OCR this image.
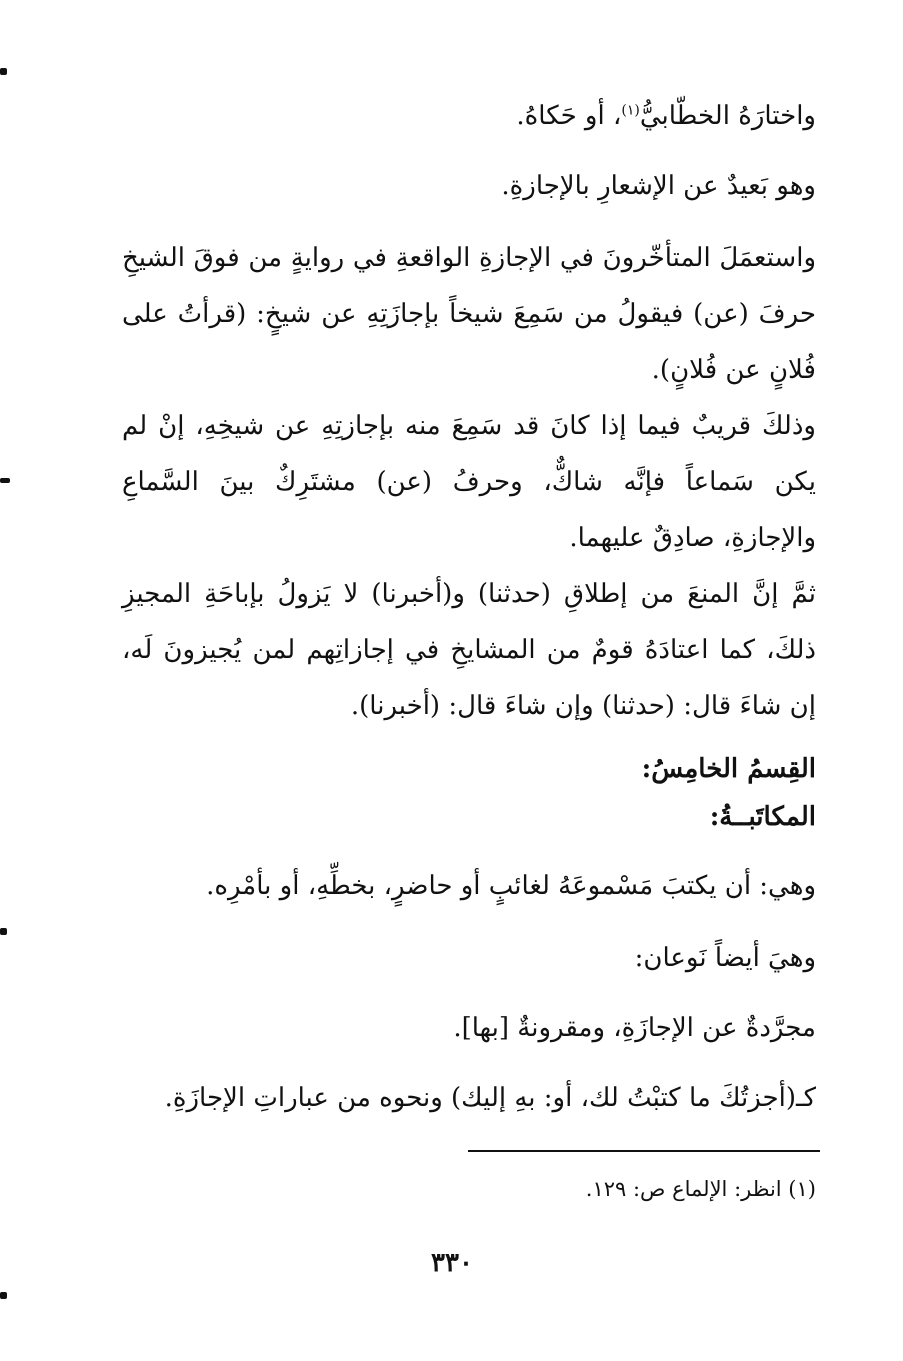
واختارَهُ الخطّابيُّ$^{(١)}$، أو حَكاهُ.
وهو بَعيدٌ عن الإشعارِ بالإجازةِ.
واستعمَلَ المتأخّرونَ في الإجازةِ الواقعةِ في روايةٍ من فوقَ الشيخِ حرفَ (عن) فيقولُ من سَمِعَ شيخاً بإجازَتِهِ عن شيخٍ: (قرأتُ على فُلانٍ عن فُلانٍ).
وذلكَ قريبٌ فيما إذا كانَ قد سَمِعَ منه بإجازتِهِ عن شيخِهِ، إنْ لم يكن سَماعاً فإنَّه شاكٌّ، وحرفُ (عن) مشتَرِكٌ بينَ السَّماعِ والإجازةِ، صادِقٌ عليهما.
ثمَّ إنَّ المنعَ من إطلاقِ (حدثنا) و(أخبرنا) لا يَزولُ بإباحَةِ المجيزِ ذلكَ، كما اعتادَهُ قومٌ من المشايخِ في إجازاتِهم لمن يُجيزونَ لَه، إن شاءَ قال: (حدثنا) وإن شاءَ قال: (أخبرنا).
القِسمُ الخامِسُ:
المكاتَبــةُ:
وهي: أن يكتبَ مَسْموعَهُ لغائبٍ أو حاضرٍ، بخطِّهِ، أو بأمْرِه.
وهيَ أيضاً نَوعان:
مجرَّدةٌ عن الإجازَةِ، ومقرونةٌ [بها].
كـ(أجزتُكَ ما كتبْتُ لك، أو: بهِ إليك) ونحوه من عباراتِ الإجازَةِ.
(١) انظر: الإلماع ص: ١٢٩.
٣٣٠
